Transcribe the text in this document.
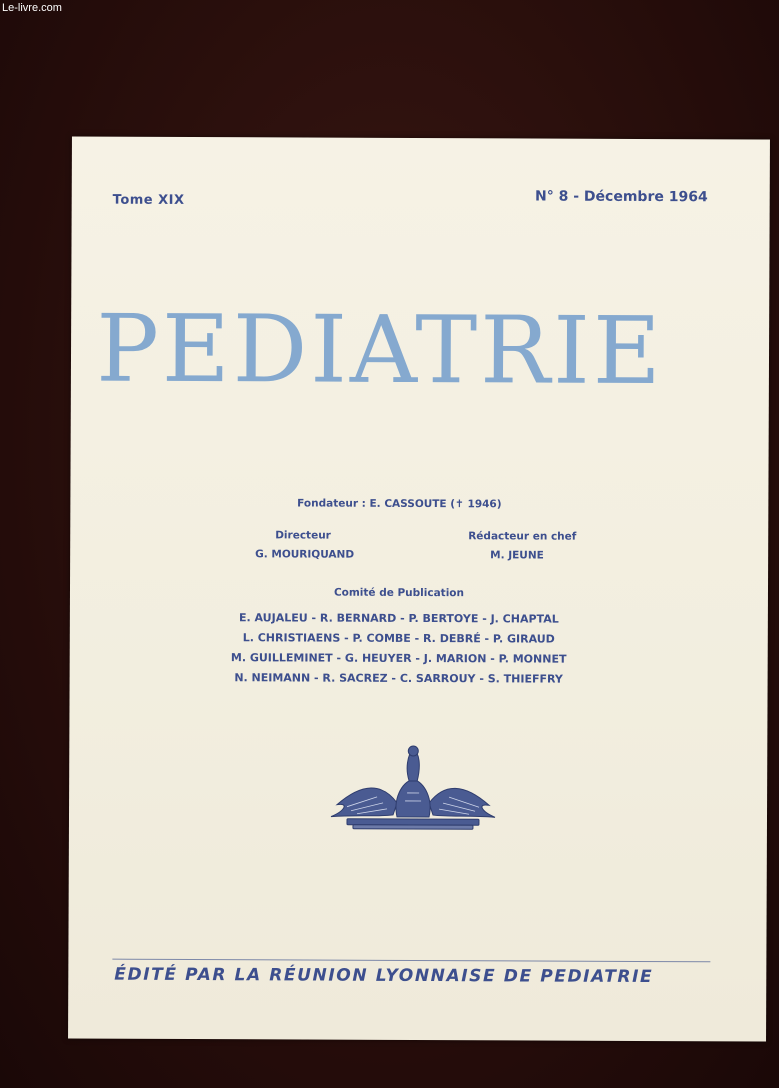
Le-livre.com
Tome XIX	N° 8 - Décembre 1964
PEDIATRIE
Fondateur : E. CASSOUTE (✝ 1946)
Directeur
G. MOURIQUAND
Rédacteur en chef
M. JEUNE
Comité de Publication
E. AUJALEU - R. BERNARD - P. BERTOYE - J. CHAPTAL
L. CHRISTIAENS - P. COMBE - R. DEBRÉ - P. GIRAUD
M. GUILLEMINET - G. HEUYER - J. MARION - P. MONNET
N. NEIMANN - R. SACREZ - C. SARROUY - S. THIEFFRY
ÉDITÉ PAR LA RÉUNION LYONNAISE DE PEDIATRIE
